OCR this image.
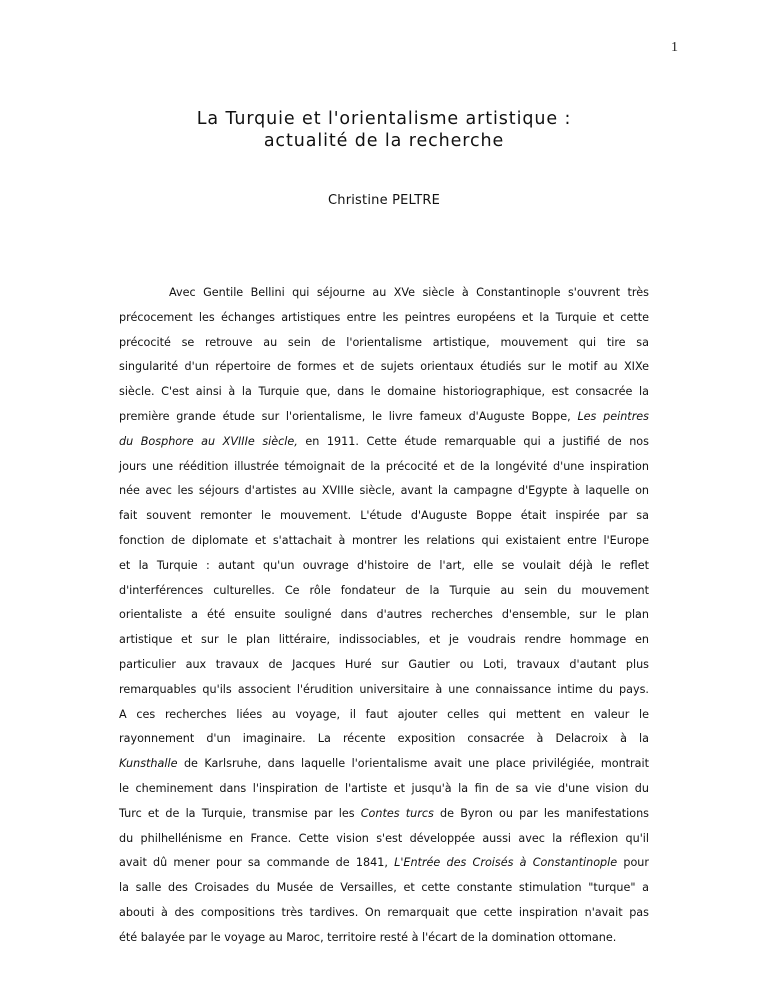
1
La Turquie et l'orientalisme artistique :
actualité de la recherche
Christine PELTRE
Avec Gentile Bellini qui séjourne au XVe siècle à Constantinople s'ouvrent très
précocement les échanges artistiques entre les peintres européens et la Turquie et cette
précocité se retrouve au sein de l'orientalisme artistique, mouvement qui tire sa
singularité d'un répertoire de formes et de sujets orientaux étudiés sur le motif au XIXe
siècle. C'est ainsi à la Turquie que, dans le domaine historiographique, est consacrée la
première grande étude sur l'orientalisme, le livre fameux d'Auguste Boppe, Les peintres
du Bosphore au XVIIIe siècle, en 1911. Cette étude remarquable qui a justifié de nos
jours une réédition illustrée témoignait de la précocité et de la longévité d'une inspiration
née avec les séjours d'artistes au XVIIIe siècle, avant la campagne d'Egypte à laquelle on
fait souvent remonter le mouvement. L'étude d'Auguste Boppe était inspirée par sa
fonction de diplomate et s'attachait à montrer les relations qui existaient entre l'Europe
et la Turquie : autant qu'un ouvrage d'histoire de l'art, elle se voulait déjà le reflet
d'interférences culturelles. Ce rôle fondateur de la Turquie au sein du mouvement
orientaliste a été ensuite souligné dans d'autres recherches d'ensemble, sur le plan
artistique et sur le plan littéraire, indissociables, et je voudrais rendre hommage en
particulier aux travaux de Jacques Huré sur Gautier ou Loti, travaux d'autant plus
remarquables qu'ils associent l'érudition universitaire à une connaissance intime du pays.
A ces recherches liées au voyage, il faut ajouter celles qui mettent en valeur le
rayonnement d'un imaginaire. La récente exposition consacrée à Delacroix à la
Kunsthalle de Karlsruhe, dans laquelle l'orientalisme avait une place privilégiée, montrait
le cheminement dans l'inspiration de l'artiste et jusqu'à la fin de sa vie d'une vision du
Turc et de la Turquie, transmise par les Contes turcs de Byron ou par les manifestations
du philhellénisme en France. Cette vision s'est développée aussi avec la réflexion qu'il
avait dû mener pour sa commande de 1841, L'Entrée des Croisés à Constantinople pour
la salle des Croisades du Musée de Versailles, et cette constante stimulation "turque" a
abouti à des compositions très tardives. On remarquait que cette inspiration n'avait pas
été balayée par le voyage au Maroc, territoire resté à l'écart de la domination ottomane.
